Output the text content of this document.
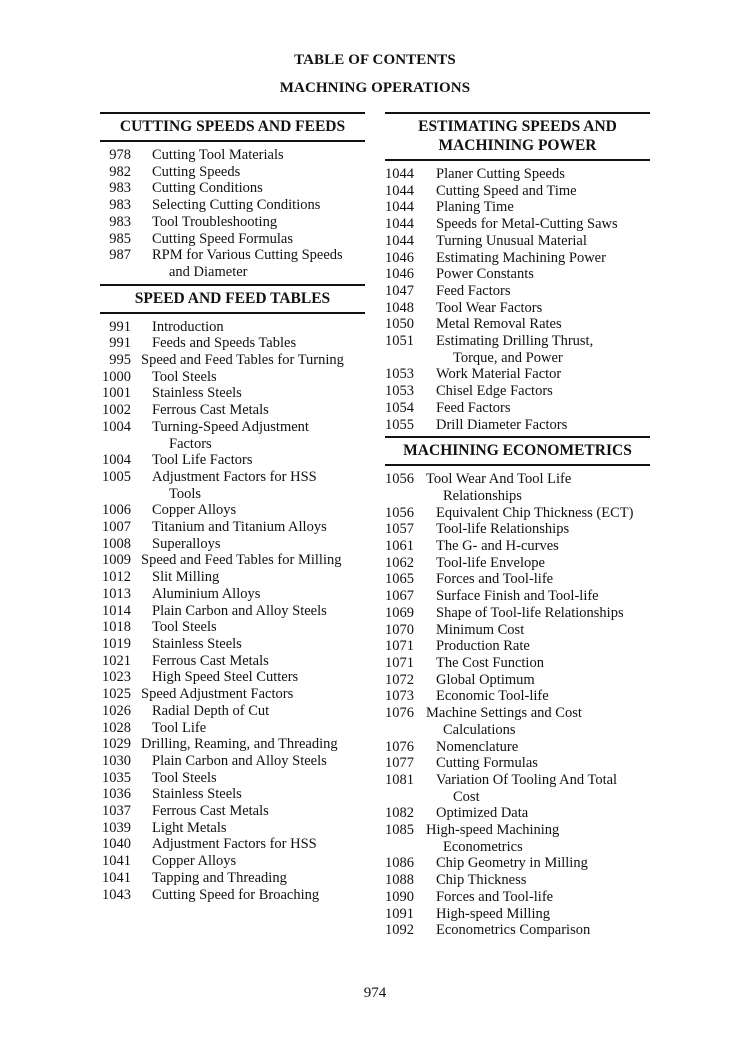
TABLE OF CONTENTS
MACHNING OPERATIONS
CUTTING SPEEDS AND FEEDS
978	Cutting Tool Materials
982	Cutting Speeds
983	Cutting Conditions
983	Selecting Cutting Conditions
983	Tool Troubleshooting
985	Cutting Speed Formulas
987	RPM for Various Cutting Speeds
and Diameter
SPEED AND FEED TABLES
991	Introduction
991	Feeds and Speeds Tables
995 Speed and Feed Tables for Turning
1000	Tool Steels
1001	Stainless Steels
1002	Ferrous Cast Metals
1004	Turning-Speed Adjustment
Factors
1004	Tool Life Factors
1005	Adjustment Factors for HSS
Tools
1006	Copper Alloys
1007	Titanium and Titanium Alloys
1008	Superalloys
1009 Speed and Feed Tables for Milling
1012	Slit Milling
1013	Aluminium Alloys
1014	Plain Carbon and Alloy Steels
1018	Tool Steels
1019	Stainless Steels
1021	Ferrous Cast Metals
1023	High Speed Steel Cutters
1025 Speed Adjustment Factors
1026	Radial Depth of Cut
1028	Tool Life
1029 Drilling, Reaming, and Threading
1030	Plain Carbon and Alloy Steels
1035	Tool Steels
1036	Stainless Steels
1037	Ferrous Cast Metals
1039	Light Metals
1040	Adjustment Factors for HSS
1041	Copper Alloys
1041	Tapping and Threading
1043	Cutting Speed for Broaching
ESTIMATING SPEEDS AND
MACHINING POWER
1044	Planer Cutting Speeds
1044	Cutting Speed and Time
1044	Planing Time
1044	Speeds for Metal-Cutting Saws
1044	Turning Unusual Material
1046	Estimating Machining Power
1046	Power Constants
1047	Feed Factors
1048	Tool Wear Factors
1050	Metal Removal Rates
1051	Estimating Drilling Thrust,
Torque, and Power
1053	Work Material Factor
1053	Chisel Edge Factors
1054	Feed Factors
1055	Drill Diameter Factors
MACHINING ECONOMETRICS
1056 Tool Wear And Tool Life
Relationships
1056	Equivalent Chip Thickness (ECT)
1057	Tool-life Relationships
1061	The G- and H-curves
1062	Tool-life Envelope
1065	Forces and Tool-life
1067	Surface Finish and Tool-life
1069	Shape of Tool-life Relationships
1070	Minimum Cost
1071	Production Rate
1071	The Cost Function
1072	Global Optimum
1073	Economic Tool-life
1076 Machine Settings and Cost
Calculations
1076	Nomenclature
1077	Cutting Formulas
1081	Variation Of Tooling And Total
Cost
1082	Optimized Data
1085 High-speed Machining
Econometrics
1086	Chip Geometry in Milling
1088	Chip Thickness
1090	Forces and Tool-life
1091	High-speed Milling
1092	Econometrics Comparison
974
